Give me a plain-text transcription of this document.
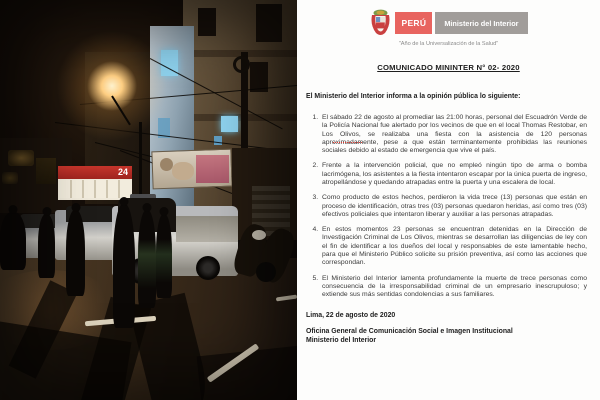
24
PERÚ	Ministerio del Interior
"Año de la Universalización de la Salud"
COMUNICADO MININTER N° 02- 2020
El Ministerio del Interior informa a la opinión pública lo siguiente:
1. El sábado 22 de agosto al promediar las 21:00 horas, personal del Escuadrón Verde de la Policía Nacional fue alertado por los vecinos de que en el local Thomas Restobar, en Los Olivos, se realizaba una fiesta con la asistencia de 120 personas aproximadamente, pese a que están terminantemente prohibidas las reuniones sociales debido al estado de emergencia que vive el país.
2. Frente a la intervención policial, que no empleó ningún tipo de arma o bomba lacrimógena, los asistentes a la fiesta intentaron escapar por la única puerta de ingreso, atropellándose y quedando atrapadas entre la puerta y una escalera de local.
3. Como producto de estos hechos, perdieron la vida trece (13) personas que están en proceso de identificación, otras tres (03) personas quedaron heridas, así como tres (03) efectivos policiales que intentaron liberar y auxiliar a las personas atrapadas.
4. En estos momentos 23 personas se encuentran detenidas en la Dirección de Investigación Criminal de Los Olivos, mientras se desarrollan las diligencias de ley con el fin de identificar a los dueños del local y responsables de este lamentable hecho, para que el Ministerio Público solicite su prisión preventiva, así como las acciones que correspondan.
5. El Ministerio del Interior lamenta profundamente la muerte de trece personas como consecuencia de la irresponsabilidad criminal de un empresario inescrupuloso; y extiende sus más sentidas condolencias a sus familiares.
Lima, 22 de agosto de 2020
Oficina General de Comunicación Social e Imagen Institucional
Ministerio del Interior
